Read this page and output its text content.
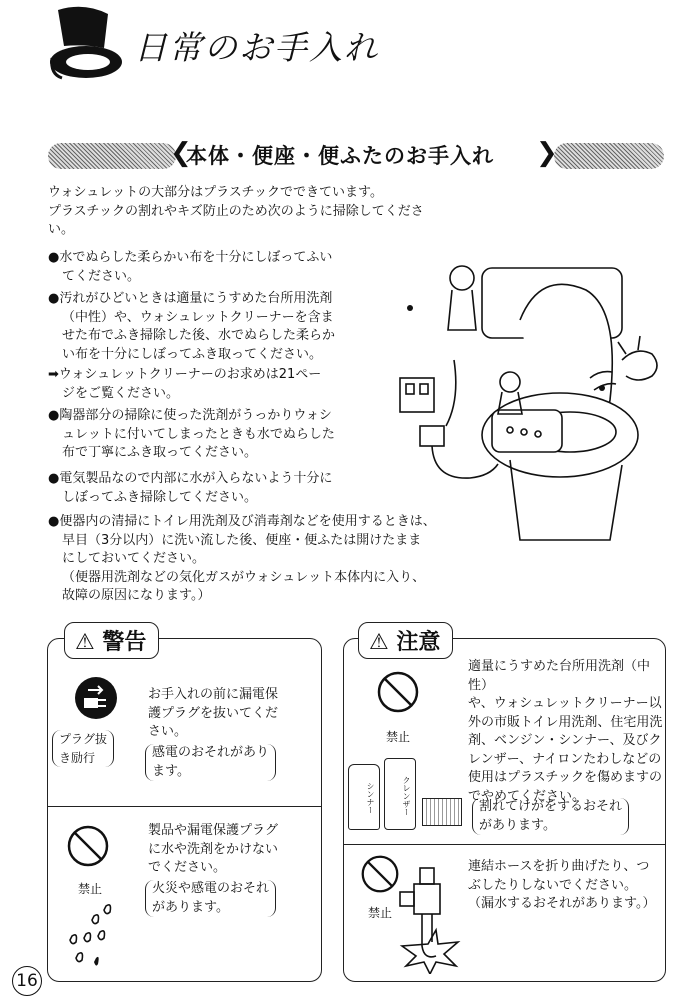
日常のお手入れ
❮	❯
本体・便座・便ふたのお手入れ
ウォシュレットの大部分はプラスチックでできています。
プラスチックの割れやキズ防止のため次のように掃除してくださ
い。
●水でぬらした柔らかい布を十分にしぼってふい
てください。
●汚れがひどいときは適量にうすめた台所用洗剤
（中性）や、ウォシュレットクリーナーを含ま
せた布でふき掃除した後、水でぬらした柔らか
い布を十分にしぼってふき取ってください。
➡ウォシュレットクリーナーのお求めは21ペー
ジをご覧ください。
●陶器部分の掃除に使った洗剤がうっかりウォシ
ュレットに付いてしまったときも水でぬらした
布で丁寧にふき取ってください。
●電気製品なので内部に水が入らないよう十分に
しぼってふき掃除してください。
●便器内の清掃にトイレ用洗剤及び消毒剤などを使用するときは、
早目（3分以内）に洗い流した後、便座・便ふたは開けたまま
にしておいてください。
（便器用洗剤などの気化ガスがウォシュレット本体内に入り、
故障の原因になります。）
⚠ 警告
プラグ抜
き励行
お手入れの前に漏電保
護プラグを抜いてくだ
さい。
感電のおそれがあり
ます。
禁止
製品や漏電保護プラグ
に水や洗剤をかけない
でください。
火災や感電のおそれ
があります。
⚠ 注意
禁止
シンナー	クレンザー
適量にうすめた台所用洗剤（中性）
や、ウォシュレットクリーナー以
外の市販トイレ用洗剤、住宅用洗
剤、ベンジン・シンナー、及びク
レンザー、ナイロンたわしなどの
使用はプラスチックを傷めますの
でやめてください。
割れてけがをするおそれ
があります。
禁止
連結ホースを折り曲げたり、つ
ぶしたりしないでください。
（漏水するおそれがあります。）
16
